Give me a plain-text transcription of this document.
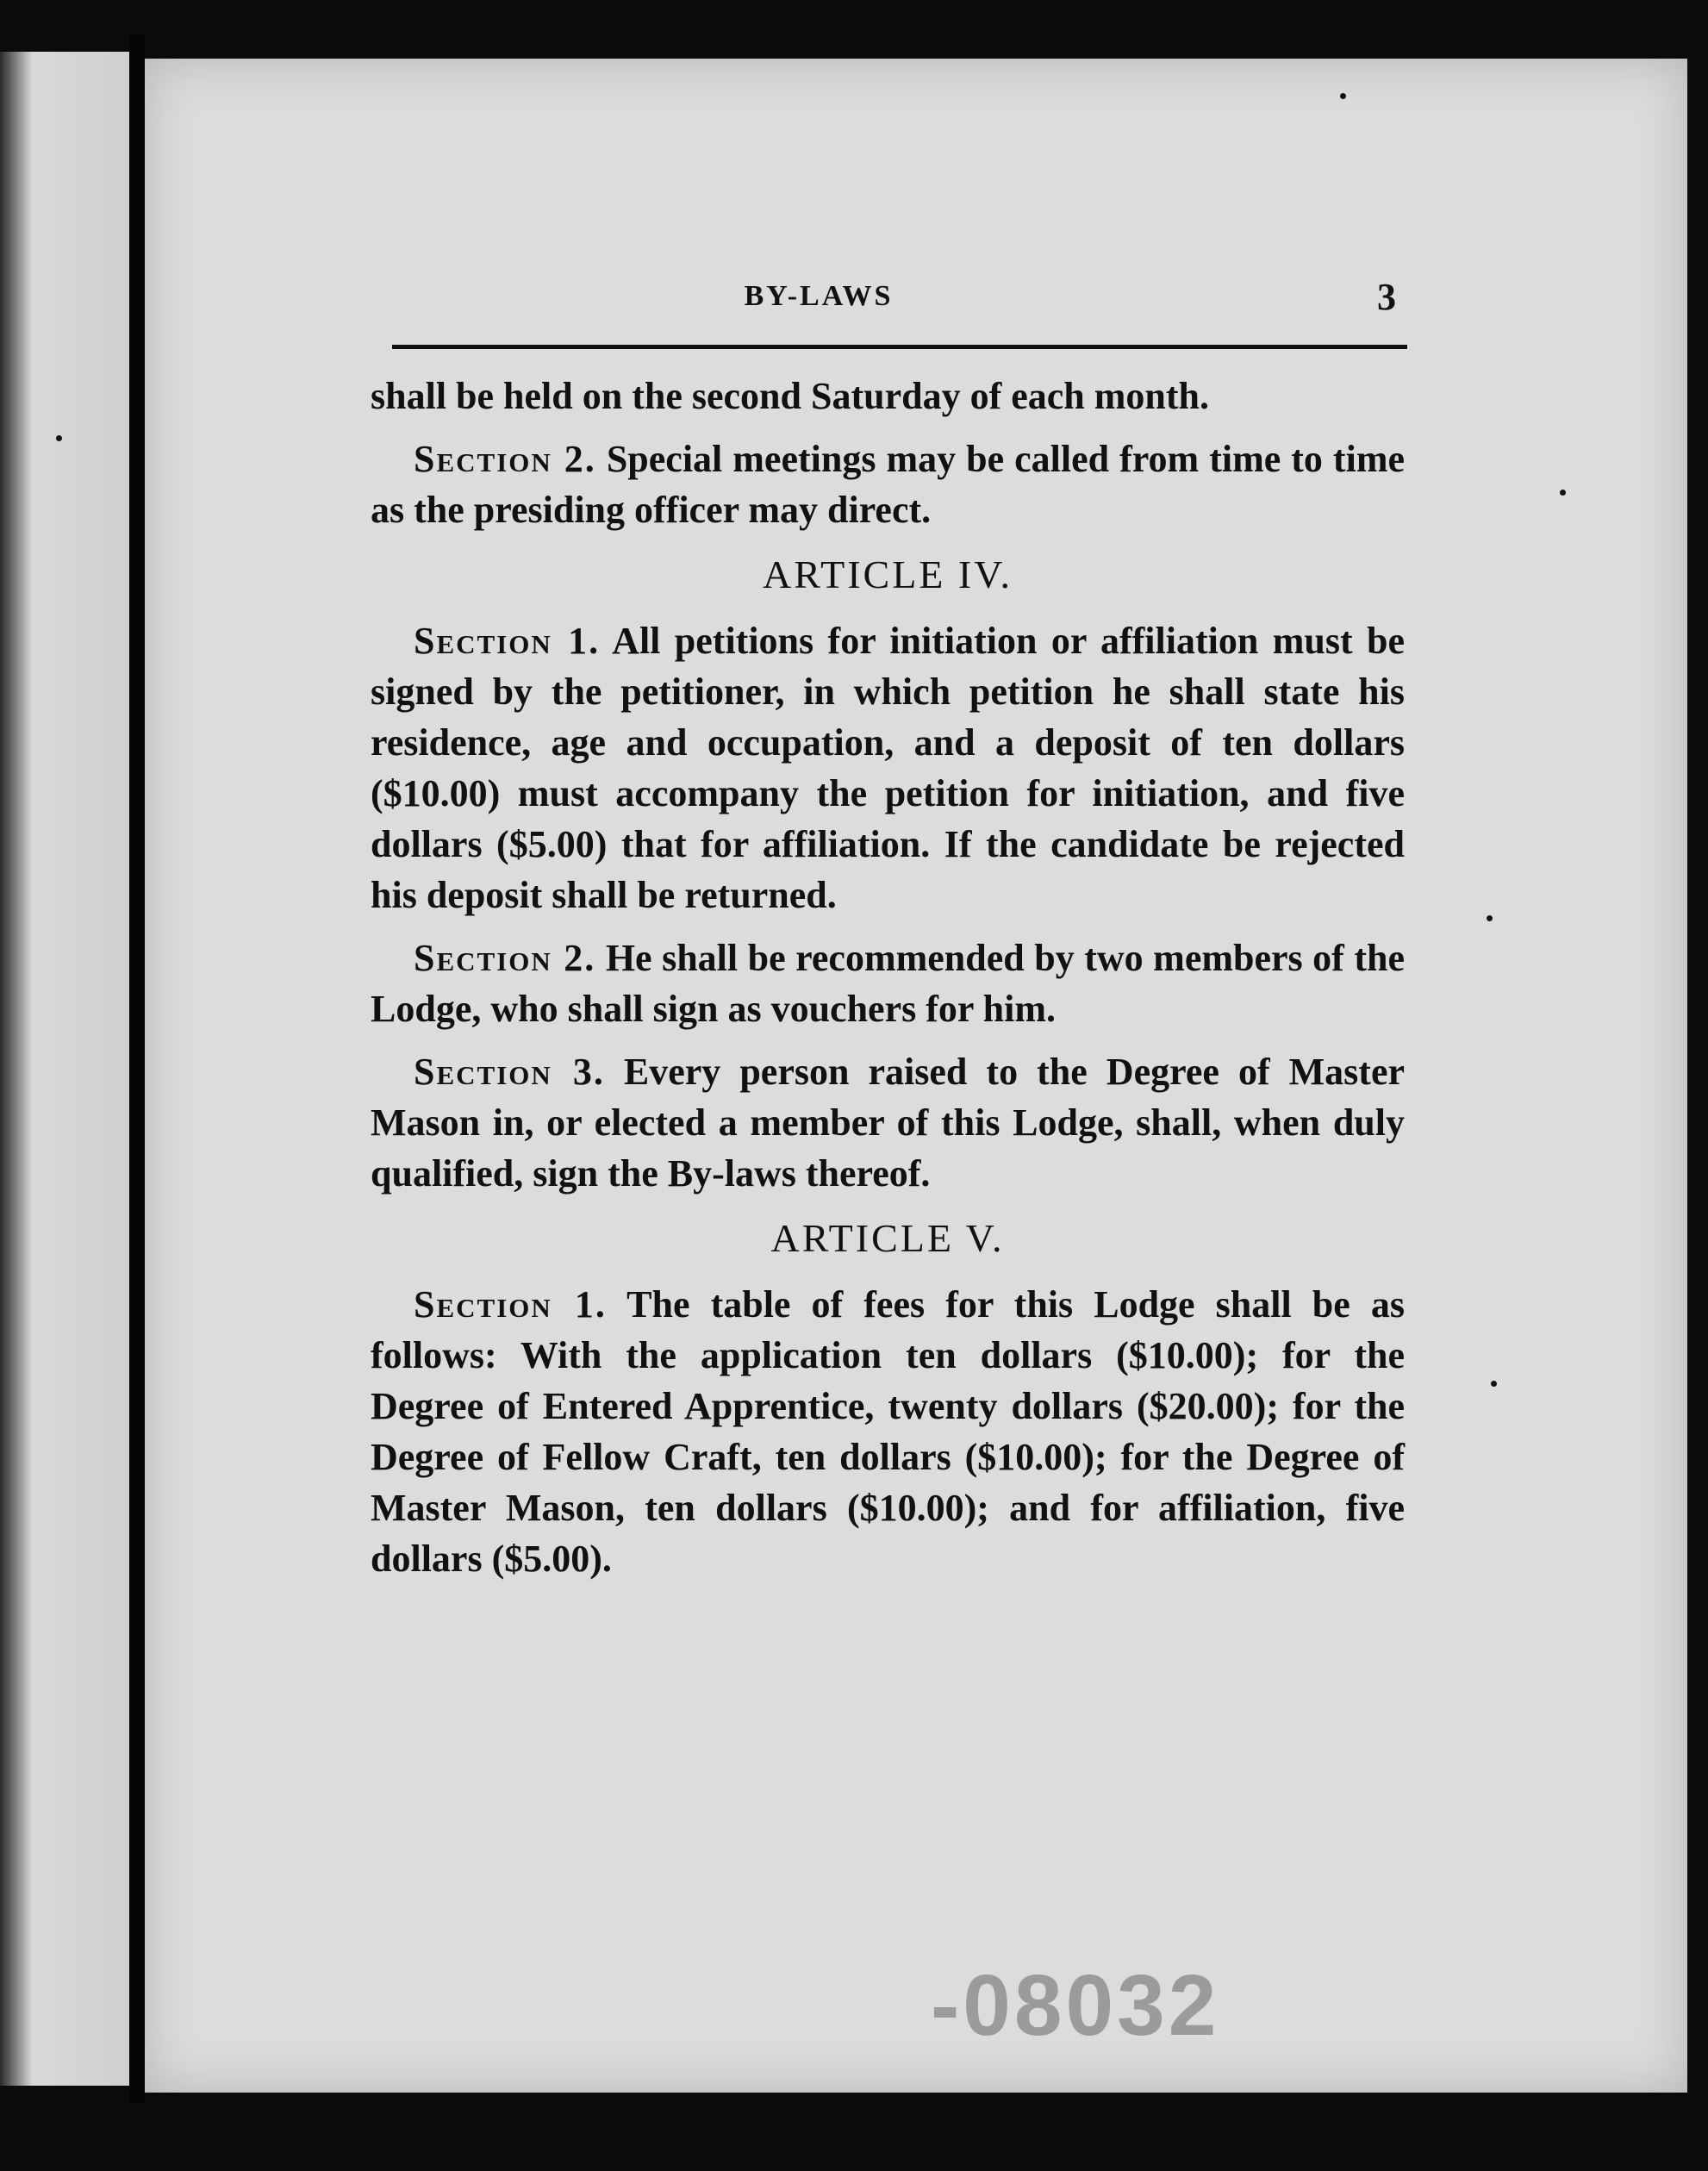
BY-LAWS	3

shall be held on the second Saturday of each month.

Section 2. Special meetings may be called from time to time as the presiding officer may direct.

ARTICLE IV.

Section 1. All petitions for initiation or affiliation must be signed by the petitioner, in which petition he shall state his residence, age and occupation, and a deposit of ten dollars ($10.00) must accompany the petition for initiation, and five dollars ($5.00) that for affiliation. If the candidate be rejected his deposit shall be returned.

Section 2. He shall be recommended by two members of the Lodge, who shall sign as vouchers for him.

Section 3. Every person raised to the Degree of Master Mason in, or elected a member of this Lodge, shall, when duly qualified, sign the By-laws thereof.

ARTICLE V.

Section 1. The table of fees for this Lodge shall be as follows: With the application ten dollars ($10.00); for the Degree of Entered Apprentice, twenty dollars ($20.00); for the Degree of Fellow Craft, ten dollars ($10.00); for the Degree of Master Mason, ten dollars ($10.00); and for affiliation, five dollars ($5.00).

-08032
